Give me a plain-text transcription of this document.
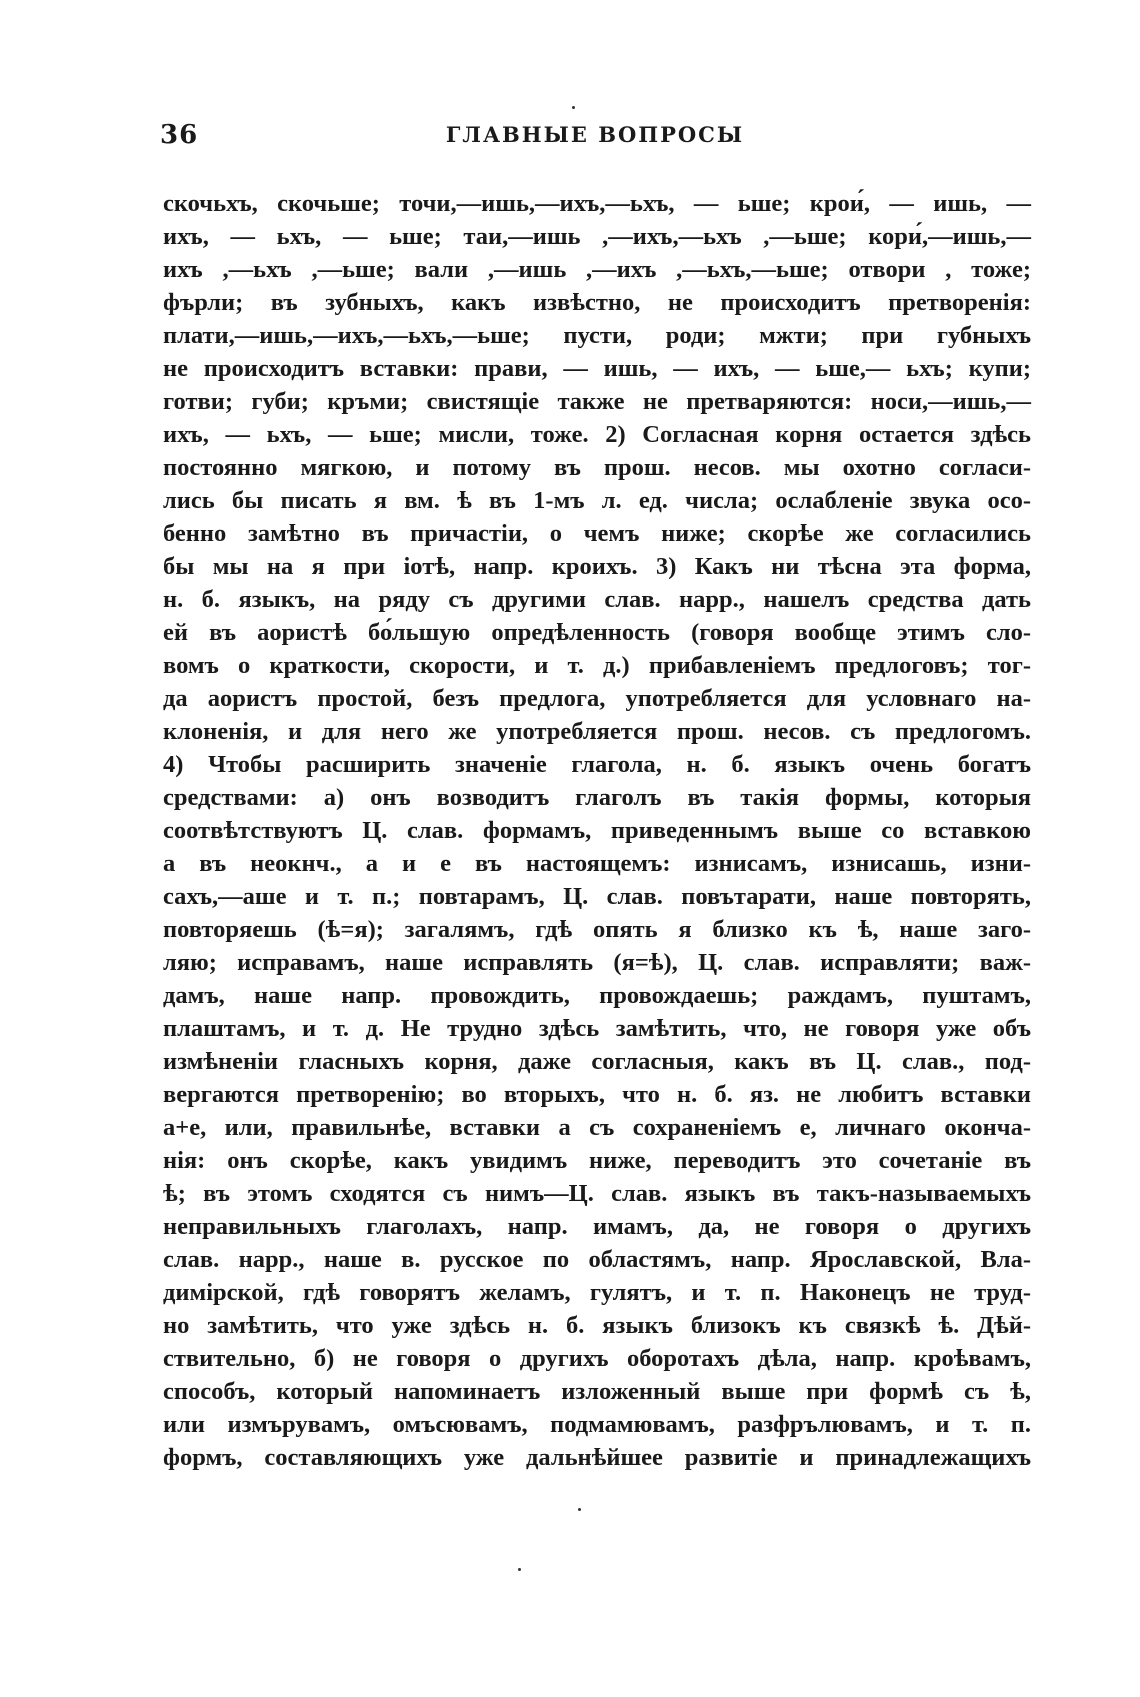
36	ГЛАВНЫЕ ВОПРОСЫ
скочьхъ, скочьше; точи,—ишь,—ихъ,—ьхъ, — ьше; крои́, — ишь, —
ихъ, — ьхъ, — ьше; таи,—ишь ,—ихъ,—ьхъ ,—ьше; кори́,—ишь,—
ихъ ,—ьхъ ,—ьше; вали ,—ишь ,—ихъ ,—ьхъ,—ьше; отвори , тоже;
фърли; въ зубныхъ, какъ извѣстно, не происходитъ претворенія:
плати,—ишь,—ихъ,—ьхъ,—ьше; пусти, роди; мжти; при губныхъ
не происходитъ вставки: прави, — ишь, — ихъ, — ьше,— ьхъ; купи;
готви; губи; кръми; свистящіе также не претваряются: носи,—ишь,—
ихъ, — ьхъ, — ьше; мисли, тоже. 2) Согласная корня остается здѣсь
постоянно мягкою, и потому въ прош. несов. мы охотно согласи-
лись бы писать я вм. ѣ въ 1-мъ л. ед. числа; ослабленіе звука осо-
бенно замѣтно въ причастіи, о чемъ ниже; скорѣе же согласились
бы мы на я при іотѣ, напр. кроихъ. 3) Какъ ни тѣсна эта форма,
н. б. языкъ, на ряду съ другими слав. нарр., нашелъ средства дать
ей въ аористѣ бо́льшую опредѣленность (говоря вообще этимъ сло-
вомъ о краткости, скорости, и т. д.) прибавленіемъ предлоговъ; тог-
да аористъ простой, безъ предлога, употребляется для условнаго на-
клоненія, и для него же употребляется прош. несов. съ предлогомъ.
4) Чтобы расширить значеніе глагола, н. б. языкъ очень богатъ
средствами: а) онъ возводитъ глаголъ въ такія формы, которыя
соотвѣтствуютъ Ц. слав. формамъ, приведеннымъ выше со вставкою
а въ неокнч., а и е въ настоящемъ: изнисамъ, изнисашь, изни-
сахъ,—аше и т. п.; повтарамъ, Ц. слав. повътарати, наше повторять,
повторяешь (ѣ=я); загалямъ, гдѣ опять я близко къ ѣ, наше заго-
ляю; исправамъ, наше исправлять (я=ѣ), Ц. слав. исправляти; важ-
дамъ, наше напр. провождить, провождаешь; раждамъ, пуштамъ,
плаштамъ, и т. д. Не трудно здѣсь замѣтить, что, не говоря уже объ
измѣненіи гласныхъ корня, даже согласныя, какъ въ Ц. слав., под-
вергаются претворенію; во вторыхъ, что н. б. яз. не любитъ вставки
а+е, или, правильнѣе, вставки а съ сохраненіемъ е, личнаго оконча-
нія: онъ скорѣе, какъ увидимъ ниже, переводитъ это сочетаніе въ
ѣ; въ этомъ сходятся съ нимъ—Ц. слав. языкъ въ такъ-называемыхъ
неправильныхъ глаголахъ, напр. имамъ, да, не говоря о другихъ
слав. нарр., наше в. русское по областямъ, напр. Ярославской, Вла-
димірской, гдѣ говорятъ желамъ, гулятъ, и т. п. Наконецъ не труд-
но замѣтить, что уже здѣсь н. б. языкъ близокъ къ связкѣ ѣ. Дѣй-
ствительно, б) не говоря о другихъ оборотахъ дѣла, напр. кроѣвамъ,
способъ, который напоминаетъ изложенный выше при формѣ съ ѣ,
или измърувамъ, омъсювамъ, подмамювамъ, разфрълювамъ, и т. п.
формъ, составляющихъ уже дальнѣйшее развитіе и принадлежащихъ
